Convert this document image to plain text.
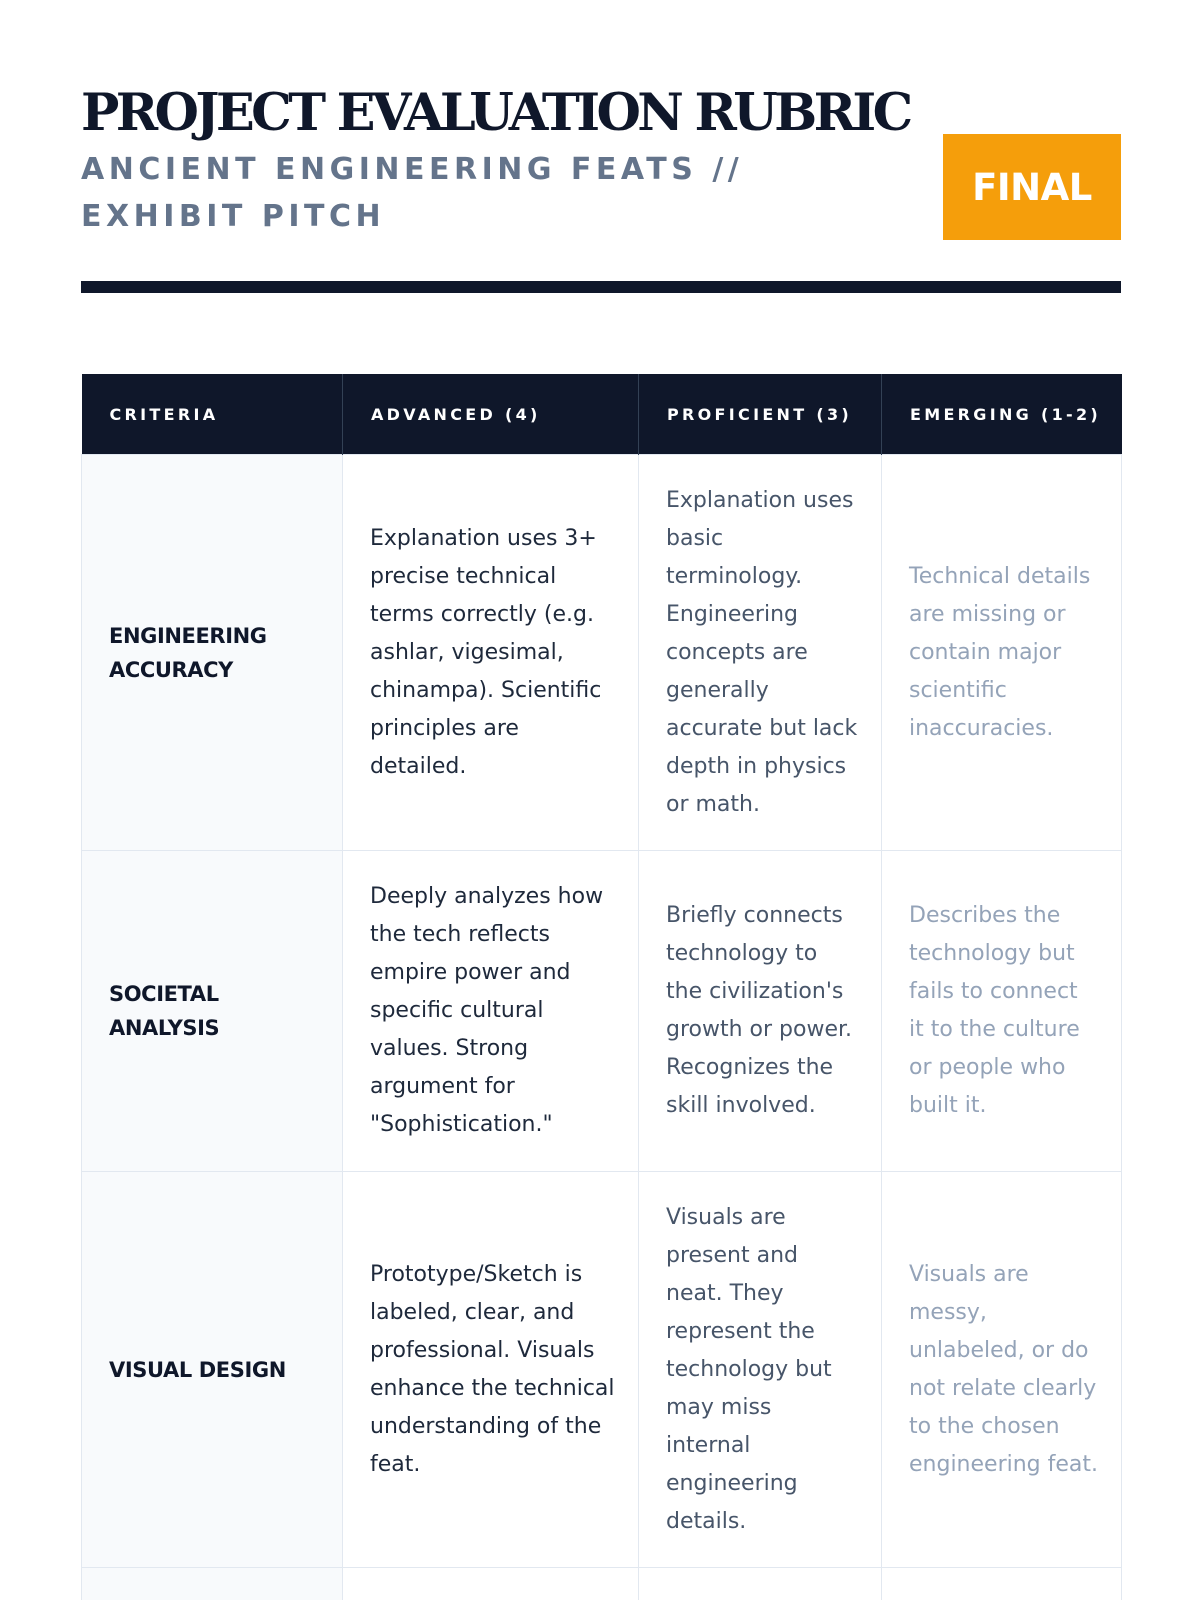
PROJECT EVALUATION RUBRIC

ANCIENT ENGINEERING FEATS // EXHIBIT PITCH

FINAL
CRITERIA	ADVANCED (4)	PROFICIENT (3)	EMERGING (1-2)
ENGINEERING ACCURACY	Explanation uses 3+ precise technical terms correctly (e.g. ashlar, vigesimal, chinampa). Scientific principles are detailed.	Explanation uses basic terminology. Engineering concepts are generally accurate but lack depth in physics or math.	Technical details are missing or contain major scientific inaccuracies.
SOCIETAL ANALYSIS	Deeply analyzes how the tech reflects empire power and specific cultural values. Strong argument for "Sophistication."	Briefly connects technology to the civilization's growth or power. Recognizes the skill involved.	Describes the technology but fails to connect it to the culture or people who built it.
VISUAL DESIGN	Prototype/Sketch is labeled, clear, and professional. Visuals enhance the technical understanding of the feat.	Visuals are present and neat. They represent the technology but may miss internal engineering details.	Visuals are messy, unlabeled, or do not relate clearly to the chosen engineering feat.
